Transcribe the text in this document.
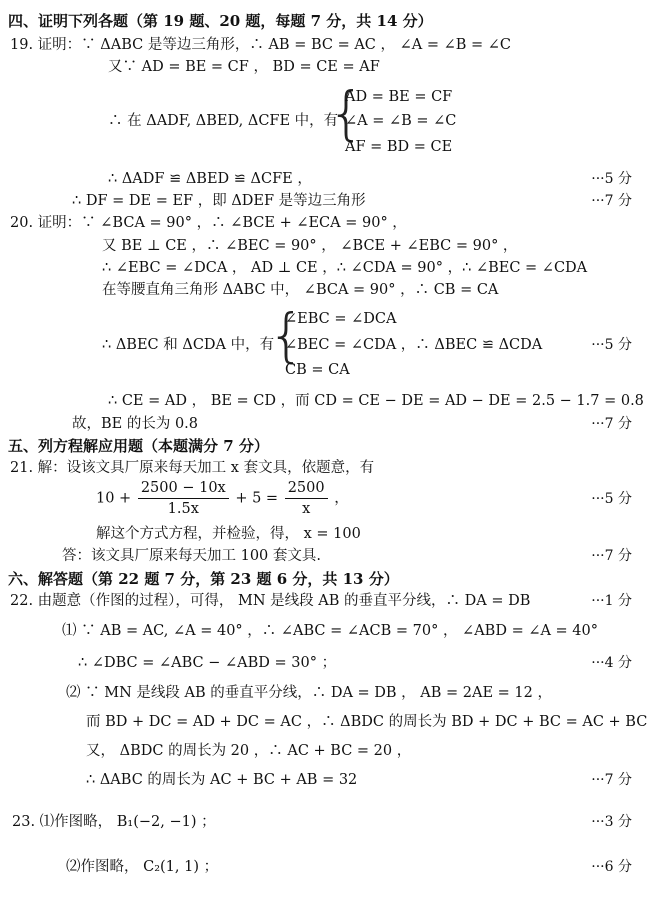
四、证明下列各题（第 19 题、20 题，每题 7 分，共 14 分）
19. 证明：∵ ΔABC 是等边三角形，∴ AB = BC = AC ， ∠A = ∠B = ∠C
又∵ AD = BE = CF ， BD = CE = AF
∴ 在 ΔADF, ΔBED, ΔCFE 中，有
{
AD = BE = CF
∠A = ∠B = ∠C
AF = BD = CE
∴ ΔADF ≌ ΔBED ≌ ΔCFE ，	···5 分
∴ DF = DE = EF ，即 ΔDEF 是等边三角形	···7 分
20. 证明：∵ ∠BCA = 90° ，∴ ∠BCE + ∠ECA = 90° ，
又 BE ⊥ CE ，∴ ∠BEC = 90° ， ∠BCE + ∠EBC = 90° ，
∴ ∠EBC = ∠DCA ， AD ⊥ CE ，∴ ∠CDA = 90° ，∴ ∠BEC = ∠CDA
在等腰直角三角形 ΔABC 中， ∠BCA = 90° ，∴ CB = CA
∴ ΔBEC 和 ΔCDA 中，有
{
∠EBC = ∠DCA
∠BEC = ∠CDA ，∴ ΔBEC ≌ ΔCDA
CB = CA
···5 分
∴ CE = AD ， BE = CD ，而 CD = CE − DE = AD − DE = 2.5 − 1.7 = 0.8
故，BE 的长为 0.8	···7 分
五、列方程解应用题（本题满分 7 分）
21. 解：设该文具厂原来每天加工 x 套文具，依题意，有
$10 + \frac{2500 - 10x}{1.5x} + 5 = \frac{2500}{x}$ ，	···5 分
解这个方式方程，并检验，得， x = 100
答：该文具厂原来每天加工 100 套文具.	···7 分
六、解答题（第 22 题 7 分，第 23 题 6 分，共 13 分）
22. 由题意（作图的过程），可得， MN 是线段 AB 的垂直平分线，∴ DA = DB	···1 分
⑴ ∵ AB = AC, ∠A = 40° ，∴ ∠ABC = ∠ACB = 70° ， ∠ABD = ∠A = 40°
∴ ∠DBC = ∠ABC − ∠ABD = 30° ；	···4 分
⑵ ∵ MN 是线段 AB 的垂直平分线，∴ DA = DB ， AB = 2AE = 12 ，
而 BD + DC = AD + DC = AC ，∴ ΔBDC 的周长为 BD + DC + BC = AC + BC
又， ΔBDC 的周长为 20 ，∴ AC + BC = 20 ，
∴ ΔABC 的周长为 AC + BC + AB = 32	···7 分
23. ⑴作图略， B₁(−2, −1) ；	···3 分
⑵作图略， C₂(1, 1) ；	···6 分
